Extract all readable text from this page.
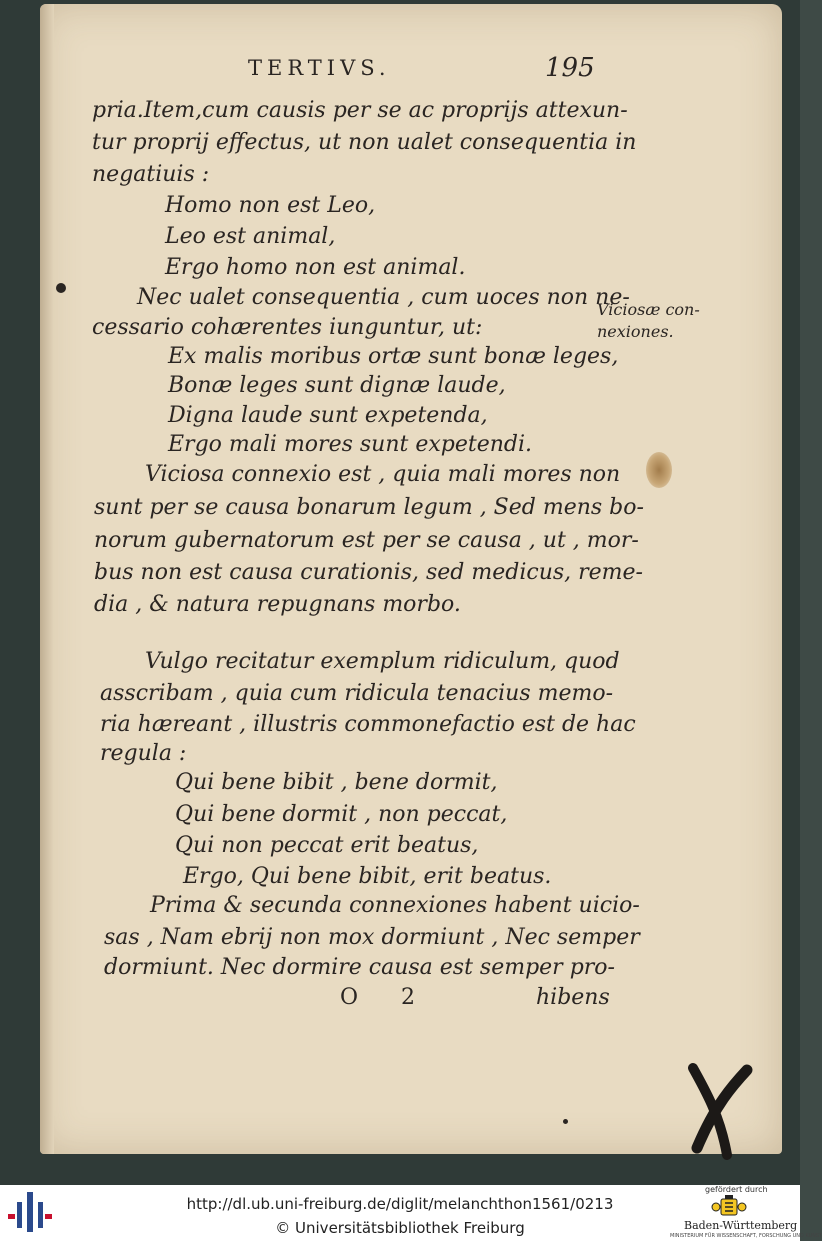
TERTIVS.	195
pria.Item,cum causis per se ac proprijs attexun-
tur proprij effectus, ut non ualet consequentia in
negatiuis :
Homo non est Leo,
Leo est animal,
Ergo homo non est animal.
Nec ualet consequentia , cum uoces non ne-
cessario cohærentes iunguntur, ut:
Ex malis moribus ortæ sunt bonæ leges,
Bonæ leges sunt dignæ laude,
Digna laude sunt expetenda,
Ergo mali mores sunt expetendi.
Viciosa connexio est , quia mali mores non
sunt per se causa bonarum legum , Sed mens bo-
norum gubernatorum est per se causa , ut , mor-
bus non est causa curationis, sed medicus, reme-
dia , & natura repugnans morbo.
Vulgo recitatur exemplum ridiculum, quod
asscribam , quia cum ridicula tenacius memo-
ria hæreant , illustris commonefactio est de hac
regula :
Qui bene bibit , bene dormit,
Qui bene dormit , non peccat,
Qui non peccat erit beatus,
Ergo, Qui bene bibit, erit beatus.
Prima & secunda connexiones habent uicio-
sas , Nam ebrij non mox dormiunt , Nec semper
dormiunt. Nec dormire causa est semper pro-
Viciosæ con-
nexiones.
O 2	hibens
http://dl.ub.uni-freiburg.de/diglit/melanchthon1561/0213
© Universitätsbibliothek Freiburg
gefördert durch
Baden-Württemberg
MINISTERIUM FÜR WISSENSCHAFT, FORSCHUNG UND KUNST
